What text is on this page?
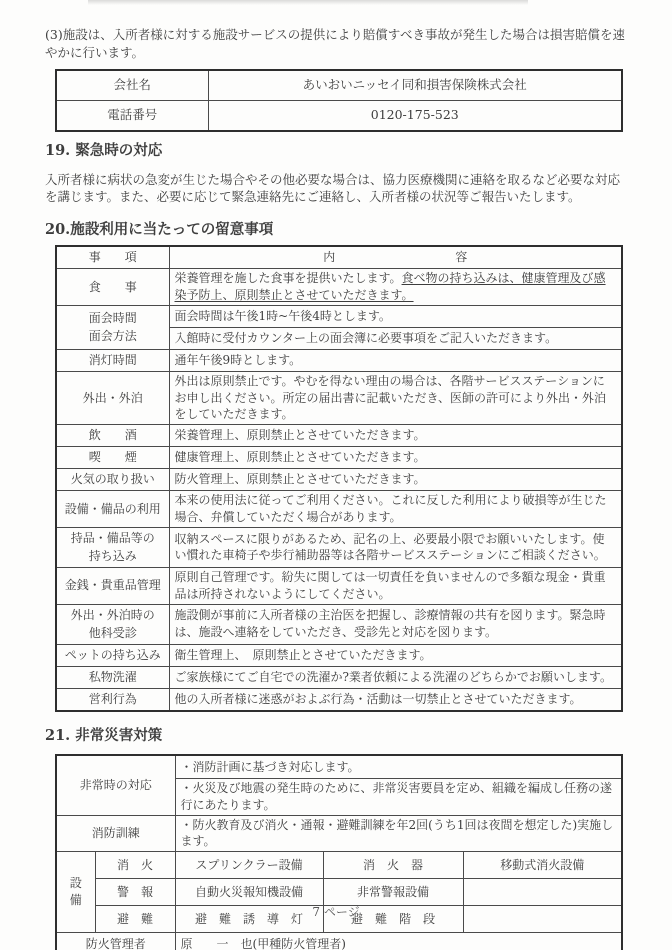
(3)施設は、入所者様に対する施設サービスの提供により賠償すべき事故が発生した場合は損害賠償を速やかに行います。

会社名	あいおいニッセイ同和損害保険株式会社
電話番号	0120-175-523
19. 緊急時の対応

入所者様に病状の急変が生じた場合やその他必要な場合は、協力医療機関に連絡を取るなど必要な対応を講じます。また、必要に応じて緊急連絡先にご連絡し、入所者様の状況等ご報告いたします。

20.施設利用に当たっての留意事項
事　　項	内　　　　　　　　　　容
食　　事	栄養管理を施した食事を提供いたします。食べ物の持ち込みは、健康管理及び感染予防上、原則禁止とさせていただきます。

面会時間
面会方法	面会時間は午後1時~午後4時とします。
	入館時に受付カウンター上の面会簿に必要事項をご記入いただきます。
消灯時間	通年午後9時とします。
外出・外泊	外出は原則禁止です。やむを得ない理由の場合は、各階サービスステーションにお申し出ください。所定の届出書に記載いただき、医師の許可により外出・外泊をしていただきます。
飲　　酒	栄養管理上、原則禁止とさせていただきます。
喫　　煙	健康管理上、原則禁止とさせていただきます。
火気の取り扱い	防火管理上、原則禁止とさせていただきます。
設備・備品の利用	本来の使用法に従ってご利用ください。これに反した利用により破損等が生じた場合、弁償していただく場合があります。

持品・備品等の
持ち込み	収納スペースに限りがあるため、記名の上、必要最小限でお願いいたします。使い慣れた車椅子や歩行補助器等は各階サービスステーションにご相談ください。
金銭・貴重品管理	原則自己管理です。紛失に関しては一切責任を負いませんので多額な現金・貴重品は所持されないようにしてください。

外出・外泊時の
他科受診	施設側が事前に入所者様の主治医を把握し、診療情報の共有を図ります。緊急時は、施設へ連絡をしていただき、受診先と対応を図ります。
ペットの持ち込み	衛生管理上、　原則禁止とさせていただきます。
私物洗濯	ご家族様にてご自宅での洗濯か?業者依頼による洗濯のどちらかでお願いします。
営利行為	他の入所者様に迷惑がおよぶ行為・活動は一切禁止とさせていただきます。
21. 非常災害対策
非常時の対応		・消防計画に基づき対応します。		
		・火災及び地震の発生時のために、非常災害要員を定め、組織を編成し任務の遂行にあたります。		
消防訓練		・防火教育及び消火・通報・避難訓練を年2回(うち1回は夜間を想定した)実施します。		
設　備	消　火	スプリンクラー設備	消　火　器	移動式消火設備
	警　報	自動火災報知機設備	非常警報設備	
	避　難	避　難　誘　導　灯	避　難　階　段	
防火管理者		原　　一　也(甲種防火管理者)		
7 ページ
